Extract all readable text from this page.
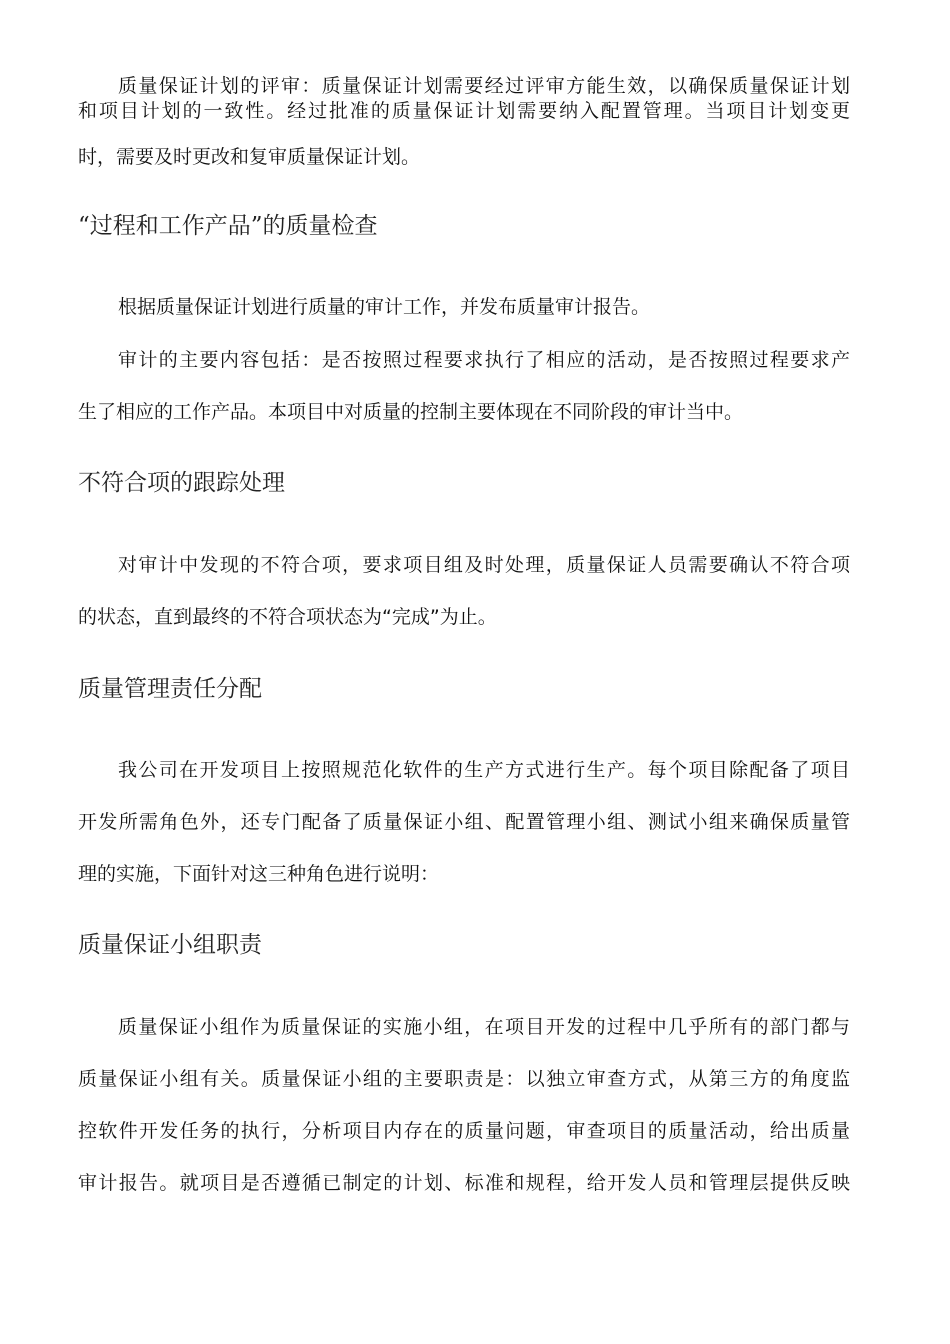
质量保证计划的评审：质量保证计划需要经过评审方能生效，以确保质量保证计划
和项目计划的一致性。经过批准的质量保证计划需要纳入配置管理。当项目计划变更
时，需要及时更改和复审质量保证计划。
“过程和工作产品”的质量检查
根据质量保证计划进行质量的审计工作，并发布质量审计报告。
审计的主要内容包括：是否按照过程要求执行了相应的活动，是否按照过程要求产
生了相应的工作产品。本项目中对质量的控制主要体现在不同阶段的审计当中。
不符合项的跟踪处理
对审计中发现的不符合项，要求项目组及时处理，质量保证人员需要确认不符合项
的状态，直到最终的不符合项状态为“完成”为止。
质量管理责任分配
我公司在开发项目上按照规范化软件的生产方式进行生产。每个项目除配备了项目
开发所需角色外，还专门配备了质量保证小组、配置管理小组、测试小组来确保质量管
理的实施，下面针对这三种角色进行说明：
质量保证小组职责
质量保证小组作为质量保证的实施小组，在项目开发的过程中几乎所有的部门都与
质量保证小组有关。质量保证小组的主要职责是：以独立审查方式，从第三方的角度监
控软件开发任务的执行，分析项目内存在的质量问题，审查项目的质量活动，给出质量
审计报告。就项目是否遵循已制定的计划、标准和规程，给开发人员和管理层提供反映
